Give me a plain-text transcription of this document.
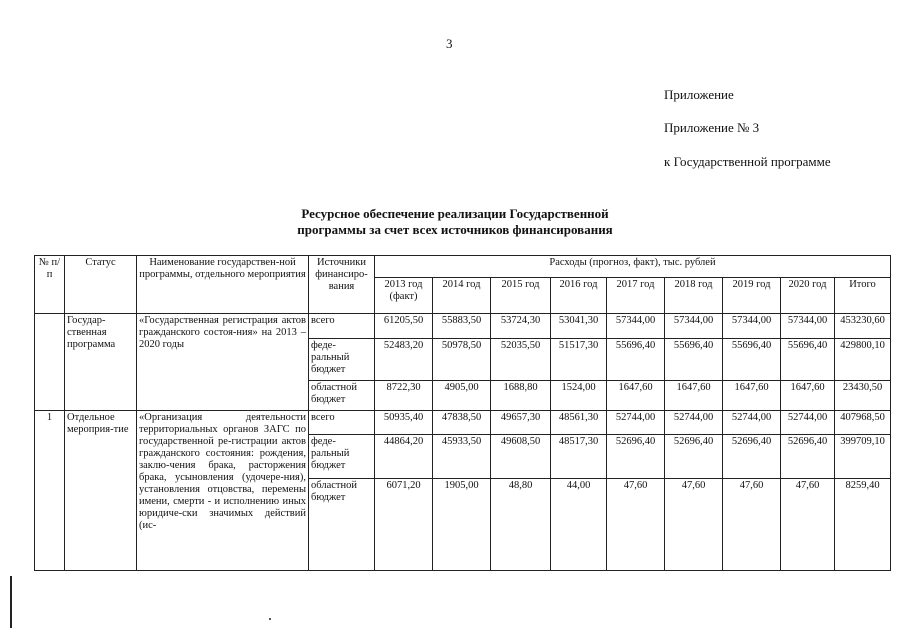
3
Приложение
Приложение № 3
к Государственной программе
Ресурсное обеспечение реализации Государственной
программы за счет всех источников финансирования
№ п/п	Статус	Наименование государствен-ной программы, отдельного мероприятия	Источники финансиро-вания	Расходы (прогноз, факт), тыс. рублей								
				2013 год (факт)	2014 год	2015 год	2016 год	2017 год	2018 год	2019 год	2020 год	Итого
	Государ-ственная программа	«Государственная регистрация актов гражданского состоя-ния» на 2013 – 2020 годы	всего	61205,50	55883,50	53724,30	53041,30	57344,00	57344,00	57344,00	57344,00	453230,60
			феде-ральный бюджет	52483,20	50978,50	52035,50	51517,30	55696,40	55696,40	55696,40	55696,40	429800,10
			областной бюджет	8722,30	4905,00	1688,80	1524,00	1647,60	1647,60	1647,60	1647,60	23430,50
1	Отдельное мероприя-тие	«Организация деятельности территориальных органов ЗАГС по государственной ре-гистрации актов гражданского состояния: рождения, заклю-чения брака, расторжения брака, усыновления (удочере-ния), установления отцовства, перемены имени, смерти - и исполнению иных юридиче-ски значимых действий (ис-	всего	50935,40	47838,50	49657,30	48561,30	52744,00	52744,00	52744,00	52744,00	407968,50
			феде-ральный бюджет	44864,20	45933,50	49608,50	48517,30	52696,40	52696,40	52696,40	52696,40	399709,10
			областной бюджет	6071,20	1905,00	48,80	44,00	47,60	47,60	47,60	47,60	8259,40
